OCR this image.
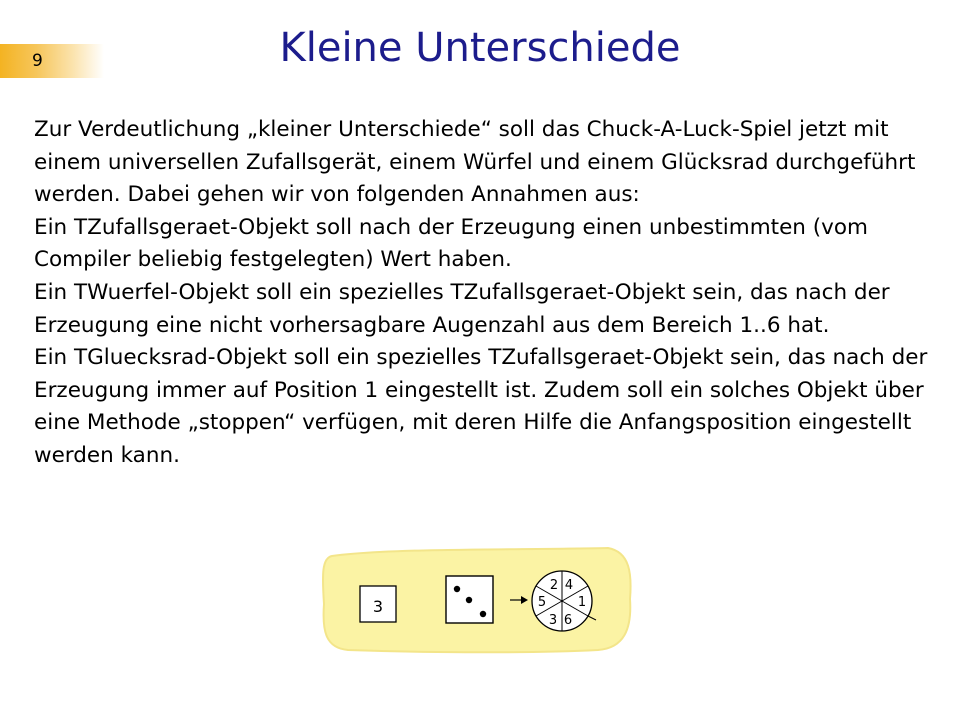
9	Kleine Unterschiede

Zur Verdeutlichung „kleiner Unterschiede“ soll das Chuck-A-Luck-Spiel jetzt mit einem universellen Zufallsgerät, einem Würfel und einem Glücksrad durchgeführt werden. Dabei gehen wir von folgenden Annahmen aus:

Ein TZufallsgeraet-Objekt soll nach der Erzeugung einen unbestimmten (vom Compiler beliebig festgelegten) Wert haben.

Ein TWuerfel-Objekt soll ein spezielles TZufallsgeraet-Objekt sein, das nach der Erzeugung eine nicht vorhersagbare Augenzahl aus dem Bereich 1..6 hat.

Ein TGluecksrad-Objekt soll ein spezielles TZufallsgeraet-Objekt sein, das nach der Erzeugung immer auf Position 1 eingestellt ist. Zudem soll ein solches Objekt über eine Methode „stoppen“ verfügen, mit deren Hilfe die Anfangsposition eingestellt werden kann.

3
2 4
5 1
3 6
